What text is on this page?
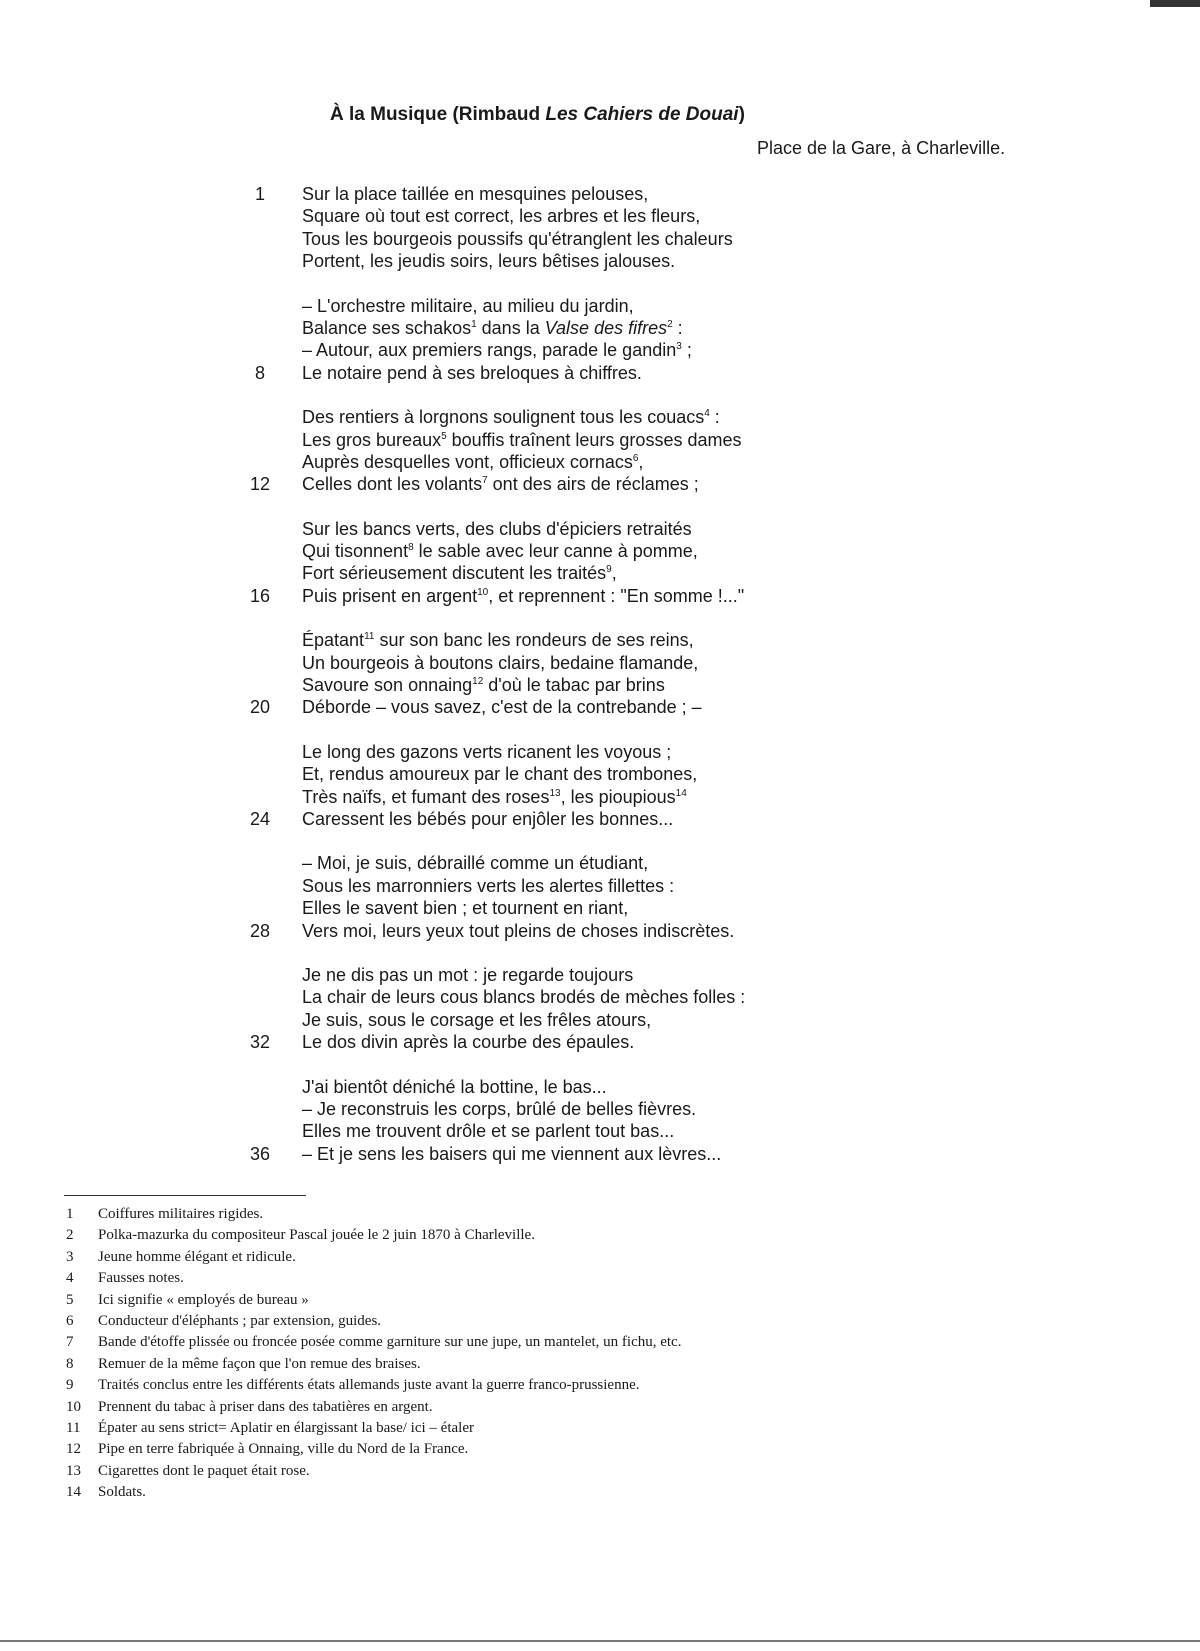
À la Musique (Rimbaud Les Cahiers de Douai)
Place de la Gare, à Charleville.
1	Sur la place taillée en mesquines pelouses,
Square où tout est correct, les arbres et les fleurs,
Tous les bourgeois poussifs qu'étranglent les chaleurs
Portent, les jeudis soirs, leurs bêtises jalouses.
– L'orchestre militaire, au milieu du jardin,
Balance ses schakos$^1$ dans la Valse des fifres$^2$ :
– Autour, aux premiers rangs, parade le gandin$^3$ ;
8	Le notaire pend à ses breloques à chiffres.
Des rentiers à lorgnons soulignent tous les couacs$^4$ :
Les gros bureaux$^5$ bouffis traînent leurs grosses dames
Auprès desquelles vont, officieux cornacs$^6$,
12	Celles dont les volants$^7$ ont des airs de réclames ;
Sur les bancs verts, des clubs d'épiciers retraités
Qui tisonnent$^8$ le sable avec leur canne à pomme,
Fort sérieusement discutent les traités$^9$,
16	Puis prisent en argent$^{10}$, et reprennent : "En somme !..."
Épatant$^{11}$ sur son banc les rondeurs de ses reins,
Un bourgeois à boutons clairs, bedaine flamande,
Savoure son onnaing$^{12}$ d'où le tabac par brins
20	Déborde – vous savez, c'est de la contrebande ; –
Le long des gazons verts ricanent les voyous ;
Et, rendus amoureux par le chant des trombones,
Très naïfs, et fumant des roses$^{13}$, les pioupious$^{14}$
24	Caressent les bébés pour enjôler les bonnes...
– Moi, je suis, débraillé comme un étudiant,
Sous les marronniers verts les alertes fillettes :
Elles le savent bien ; et tournent en riant,
28	Vers moi, leurs yeux tout pleins de choses indiscrètes.
Je ne dis pas un mot : je regarde toujours
La chair de leurs cous blancs brodés de mèches folles :
Je suis, sous le corsage et les frêles atours,
32	Le dos divin après la courbe des épaules.
J'ai bientôt déniché la bottine, le bas...
– Je reconstruis les corps, brûlé de belles fièvres.
Elles me trouvent drôle et se parlent tout bas...
36	– Et je sens les baisers qui me viennent aux lèvres...
1 Coiffures militaires rigides.
2 Polka-mazurka du compositeur Pascal jouée le 2 juin 1870 à Charleville.
3 Jeune homme élégant et ridicule.
4 Fausses notes.
5 Ici signifie « employés de bureau »
6 Conducteur d'éléphants ; par extension, guides.
7 Bande d'étoffe plissée ou froncée posée comme garniture sur une jupe, un mantelet, un fichu, etc.
8 Remuer de la même façon que l'on remue des braises.
9 Traités conclus entre les différents états allemands juste avant la guerre franco-prussienne.
10 Prennent du tabac à priser dans des tabatières en argent.
11 Épater au sens strict= Aplatir en élargissant la base/ ici – étaler
12 Pipe en terre fabriquée à Onnaing, ville du Nord de la France.
13 Cigarettes dont le paquet était rose.
14 Soldats.
